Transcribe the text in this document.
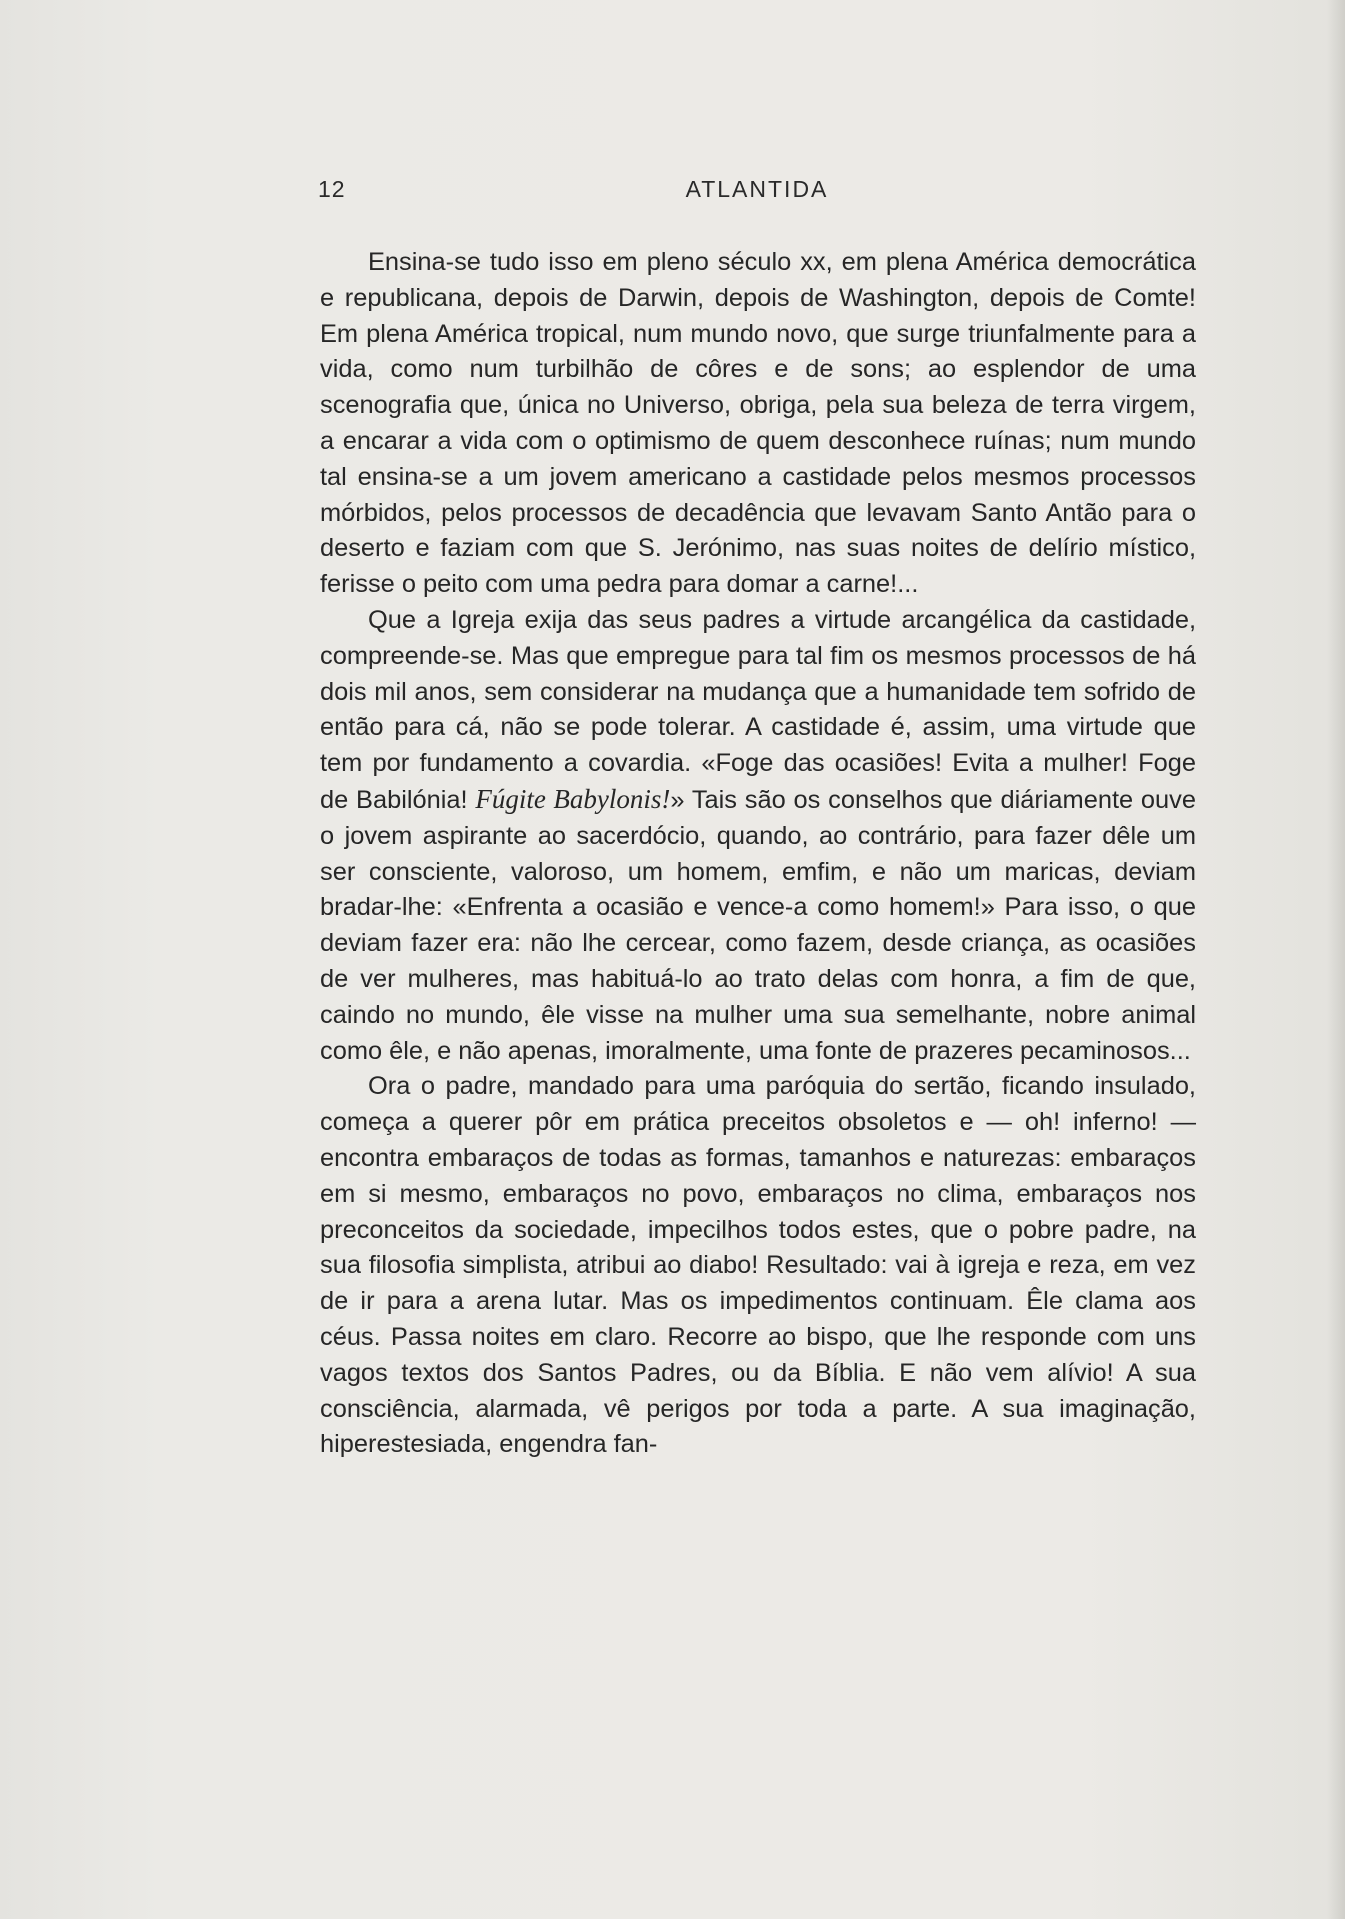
12	ATLANTIDA

Ensina-se tudo isso em pleno século xx, em plena América democrática e republicana, depois de Darwin, depois de Washington, depois de Comte! Em plena América tropical, num mundo novo, que surge triunfalmente para a vida, como num turbilhão de côres e de sons; ao esplendor de uma scenografia que, única no Universo, obriga, pela sua beleza de terra virgem, a encarar a vida com o optimismo de quem desconhece ruínas; num mundo tal ensina-se a um jovem americano a castidade pelos mesmos processos mórbidos, pelos processos de decadência que levavam Santo Antão para o deserto e faziam com que S. Jerónimo, nas suas noites de delírio místico, ferisse o peito com uma pedra para domar a carne!...

Que a Igreja exija das seus padres a virtude arcangélica da castidade, compreende-se. Mas que empregue para tal fim os mesmos processos de há dois mil anos, sem considerar na mudança que a humanidade tem sofrido de então para cá, não se pode tolerar. A castidade é, assim, uma virtude que tem por fundamento a covardia. «Foge das ocasiões! Evita a mulher! Foge de Babilónia! Fúgite Babylonis!» Tais são os conselhos que diáriamente ouve o jovem aspirante ao sacerdócio, quando, ao contrário, para fazer dêle um ser consciente, valoroso, um homem, emfim, e não um maricas, deviam bradar-lhe: «Enfrenta a ocasião e vence-a como homem!» Para isso, o que deviam fazer era: não lhe cercear, como fazem, desde criança, as ocasiões de ver mulheres, mas habituá-lo ao trato delas com honra, a fim de que, caindo no mundo, êle visse na mulher uma sua semelhante, nobre animal como êle, e não apenas, imoralmente, uma fonte de prazeres pecaminosos...

Ora o padre, mandado para uma paróquia do sertão, ficando insulado, começa a querer pôr em prática preceitos obsoletos e — oh! inferno! — encontra embaraços de todas as formas, tamanhos e naturezas: embaraços em si mesmo, embaraços no povo, embaraços no clima, embaraços nos preconceitos da sociedade, impecilhos todos estes, que o pobre padre, na sua filosofia simplista, atribui ao diabo! Resultado: vai à igreja e reza, em vez de ir para a arena lutar. Mas os impedimentos continuam. Êle clama aos céus. Passa noites em claro. Recorre ao bispo, que lhe responde com uns vagos textos dos Santos Padres, ou da Bíblia. E não vem alívio! A sua consciência, alarmada, vê perigos por toda a parte. A sua imaginação, hiperestesiada, engendra fan-
